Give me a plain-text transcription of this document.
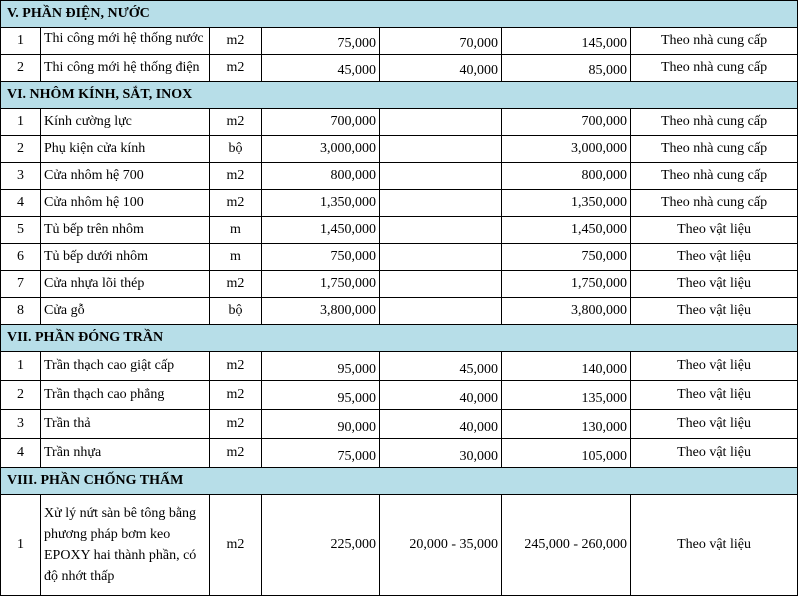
V. PHẦN ĐIỆN, NƯỚC						
1	Thi công mới hệ thống nước	m2	75,000	70,000	145,000	Theo nhà cung cấp
2	Thi công mới hệ thống điện	m2	45,000	40,000	85,000	Theo nhà cung cấp
VI. NHÔM KÍNH, SẮT, INOX						
1	Kính cường lực	m2	700,000		700,000	Theo nhà cung cấp
2	Phụ kiện cửa kính	bộ	3,000,000		3,000,000	Theo nhà cung cấp
3	Cửa nhôm hệ 700	m2	800,000		800,000	Theo nhà cung cấp
4	Cửa nhôm hệ 100	m2	1,350,000		1,350,000	Theo nhà cung cấp
5	Tủ bếp trên nhôm	m	1,450,000		1,450,000	Theo vật liệu
6	Tủ bếp dưới nhôm	m	750,000		750,000	Theo vật liệu
7	Cửa nhựa lõi thép	m2	1,750,000		1,750,000	Theo vật liệu
8	Cửa gỗ	bộ	3,800,000		3,800,000	Theo vật liệu
VII. PHẦN ĐÓNG TRẦN						
1	Trần thạch cao giật cấp	m2	95,000	45,000	140,000	Theo vật liệu
2	Trần thạch cao phẳng	m2	95,000	40,000	135,000	Theo vật liệu
3	Trần thả	m2	90,000	40,000	130,000	Theo vật liệu
4	Trần nhựa	m2	75,000	30,000	105,000	Theo vật liệu
VIII. PHẦN CHỐNG THẤM						
1	Xử lý nứt sàn bê tông bằng phương pháp bơm keo EPOXY hai thành phần, có độ nhớt thấp	m2	225,000	20,000 - 35,000	245,000 - 260,000	Theo vật liệu
